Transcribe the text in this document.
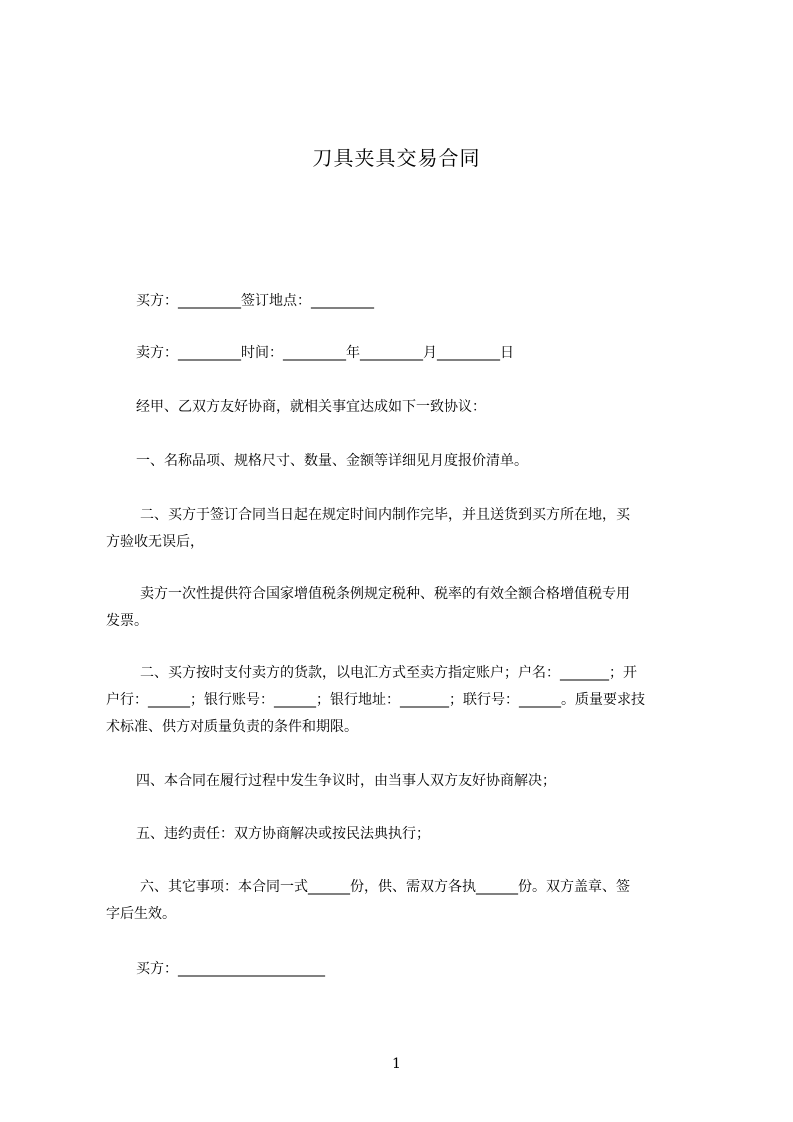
刀具夹具交易合同
买方：_________签订地点：_________
卖方：_________时间：_________年_________月_________日
经甲、乙双方友好协商，就相关事宜达成如下一致协议：
一、名称品项、规格尺寸、数量、金额等详细见月度报价清单。
二、买方于签订合同当日起在规定时间内制作完毕，并且送货到买方所在地，买
方验收无误后，
卖方一次性提供符合国家增值税条例规定税种、税率的有效全额合格增值税专用
发票。
二、买方按时支付卖方的货款，以电汇方式至卖方指定账户；户名：_______；开
户行：______；银行账号：______；银行地址：_______；联行号：______。质量要求技
术标准、供方对质量负责的条件和期限。
四、本合同在履行过程中发生争议时，由当事人双方友好协商解决；
五、违约责任：双方协商解决或按民法典执行；
六、其它事项：本合同一式______份，供、需双方各执______份。双方盖章、签
字后生效。
买方：_____________________
1
